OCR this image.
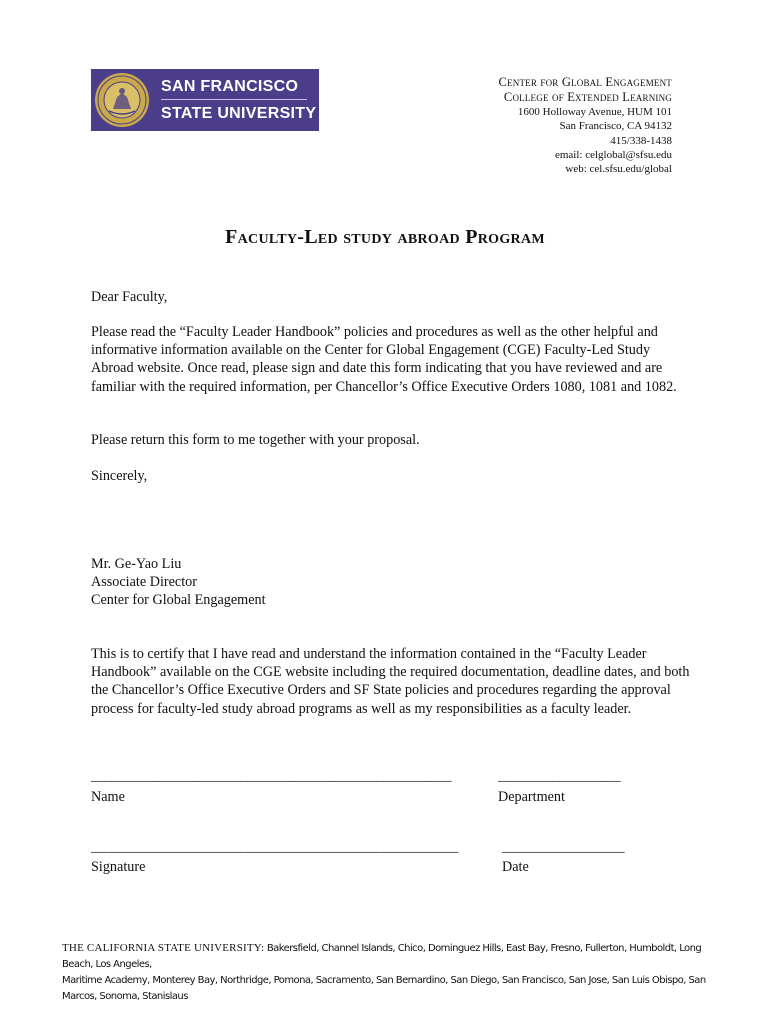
SAN FRANCISCO
STATE UNIVERSITY
Center for Global Engagement
College of Extended Learning
1600 Holloway Avenue, HUM 101
San Francisco, CA 94132
415/338-1438
email: celglobal@sfsu.edu
web: cel.sfsu.edu/global
Faculty-Led study abroad Program
Dear Faculty,

Please read the “Faculty Leader Handbook” policies and procedures as well as the other helpful and informative information available on the Center for Global Engagement (CGE) Faculty-Led Study Abroad website. Once read, please sign and date this form indicating that you have reviewed and are familiar with the required information, per Chancellor’s Office Executive Orders 1080, 1081 and 1082.

Please return this form to me together with your proposal.
Sincerely,
Mr. Ge-Yao Liu
Associate Director
Center for Global Engagement

This is to certify that I have read and understand the information contained in the “Faculty Leader Handbook” available on the CGE website including the required documentation, deadline dates, and both the Chancellor’s Office Executive Orders and SF State policies and procedures regarding the approval process for faculty-led study abroad programs as well as my responsibilities as a faculty leader.

_____________________________________________________	__________________
Name	Department
______________________________________________________	__________________
Signature	Date
THE CALIFORNIA STATE UNIVERSITY: Bakersfield, Channel Islands, Chico, Dominguez Hills, East Bay, Fresno, Fullerton, Humboldt, Long Beach, Los Angeles,
Maritime Academy, Monterey Bay, Northridge, Pomona, Sacramento, San Bernardino, San Diego, San Francisco, San Jose, San Luis Obispo, San Marcos, Sonoma, Stanislaus
